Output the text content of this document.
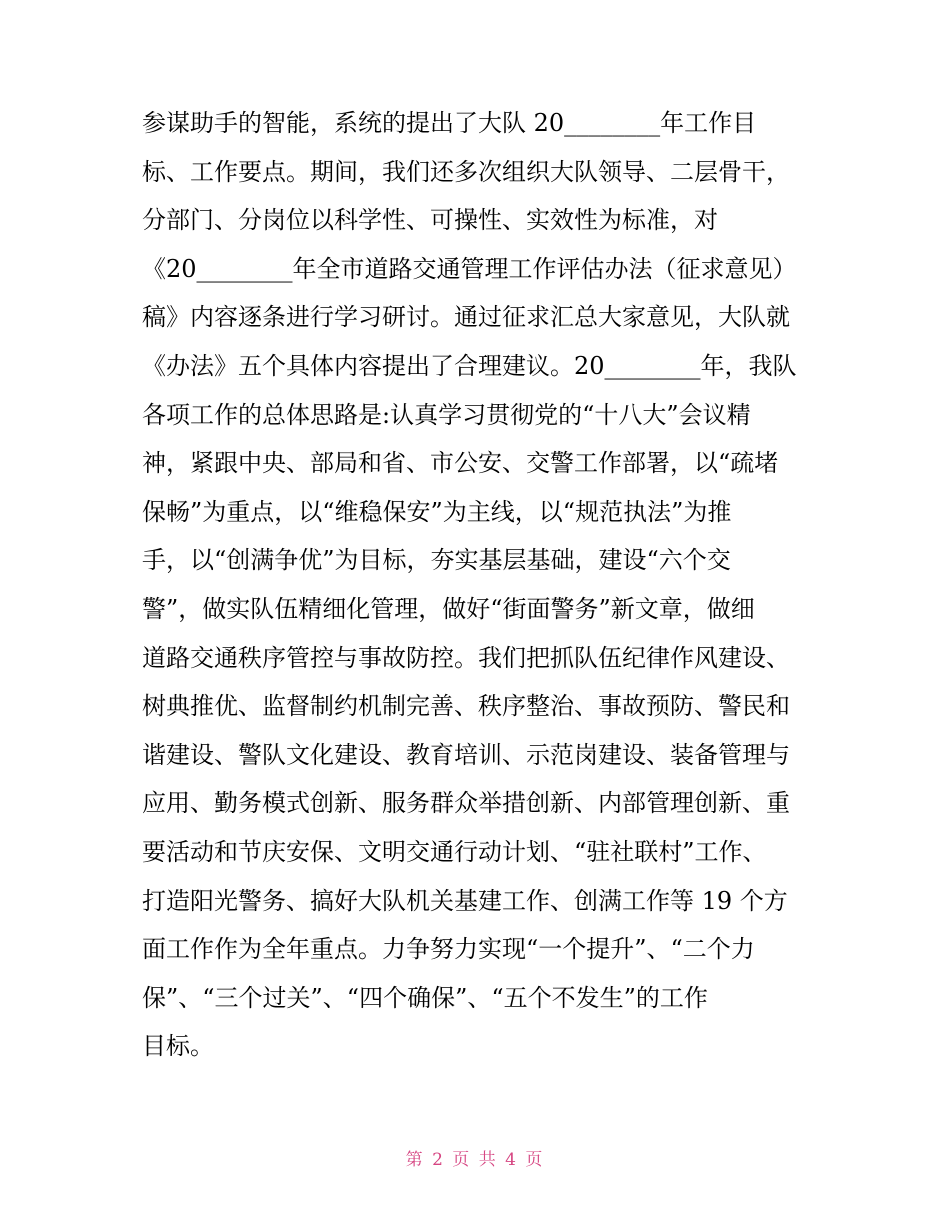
参谋助手的智能，系统的提出了大队 20________年工作目
标、工作要点。期间，我们还多次组织大队领导、二层骨干，
分部门、分岗位以科学性、可操性、实效性为标准，对
《20________年全市道路交通管理工作评估办法（征求意见）
稿》内容逐条进行学习研讨。通过征求汇总大家意见，大队就
《办法》五个具体内容提出了合理建议。20________年，我队
各项工作的总体思路是:认真学习贯彻党的“十八大”会议精
神，紧跟中央、部局和省、市公安、交警工作部署，以“疏堵
保畅”为重点，以“维稳保安”为主线，以“规范执法”为推
手，以“创满争优”为目标，夯实基层基础，建设“六个交
警”，做实队伍精细化管理，做好“街面警务”新文章，做细
道路交通秩序管控与事故防控。我们把抓队伍纪律作风建设、
树典推优、监督制约机制完善、秩序整治、事故预防、警民和
谐建设、警队文化建设、教育培训、示范岗建设、装备管理与
应用、勤务模式创新、服务群众举措创新、内部管理创新、重
要活动和节庆安保、文明交通行动计划、“驻社联村”工作、
打造阳光警务、搞好大队机关基建工作、创满工作等 19 个方
面工作作为全年重点。力争努力实现“一个提升”、“二个力
保”、“三个过关”、“四个确保”、“五个不发生”的工作
目标。
第 2 页 共 4 页
